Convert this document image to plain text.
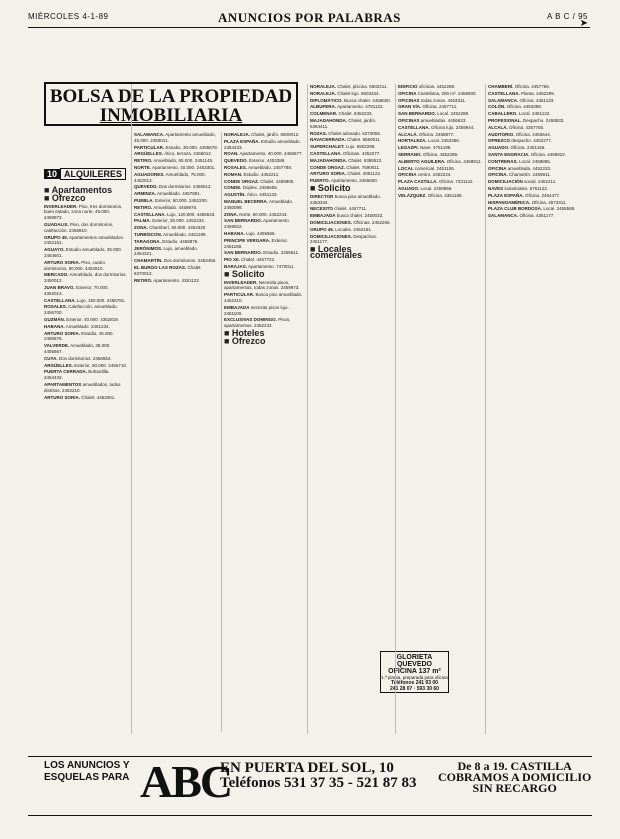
MIÉRCOLES 4-1-89	ANUNCIOS POR PALABRAS	A B C / 95
➤
BOLSA DE LA PROPIEDAD
INMOBILIARIA
10 ALQUILERES
■ Apartamentos
■ Ofrezco

INVERLEADER. Piso, tres dormitorios, buen estado, zona norte, 45.000. 2459973.

GUADALIX. Piso, dos dormitorios, calefacción. 2455810.

GRUPO 45. Apartamentos amueblados. 2452161.

AGUAYO. Estudio amueblado, 35.000. 2454601.

ARTURO SORIA. Piso, cuatro dormitorios, 80.000. 4452810.

MERCADO. Amueblado, dos dormitorios. 2450012.

JUAN BRAVO. Exterior, 70.000. 4352013.

CASTELLANA. Lujo, 150.000. 2456781.

ROSALES. Calefacción, amueblado. 2456700.

GUZMÁN. Exterior, 40.000. 4352819.

HABANA. Amueblado. 2451234.

ARTURO SORIA. Estudio, 45.000. 2455678.

VALVERDE. Amueblado, 38.000. 4455667.

CUYA. Dos dormitorios. 2456654.

ARGÜELLES. Exterior, 60.000. 2456710.

PUERTA CERRADA. Buhardilla. 2454433.

APARTAMENTOS amueblados, todos distritos. 2452210.

ARTURO SORIA. Chalet. 4452001.

SALAMANCA. Apartamento amueblado, 45.000. 2450011.

PARTICULAR. Estudio, 30.000. 4455678.

ARGÜELLES. Ático, terraza. 2456012.

RETIRO. Amueblado, 65.000. 2451145.

NORTE. Apartamento, 40.000. 2453301.

AGUADORES. Amueblado, 75.000. 4452013.

QUEVEDO. Dos dormitorios. 2456512.

ARMINZA. Amueblado. 4457891.

PUEBLA. Exterior, 50.000. 2452200.

RETIRO. Amueblado. 4459876.

CASTELLANA. Lujo, 120.000. 4456543.

PALMA. Exterior, 30.000. 2452234.

ZONA. Chamberí, 55.000. 4453320.

TURBÍSCON. Amueblado. 2451199.

TARAGONA. Estudio. 4458876.

JERÓNIMOS. Lujo, amueblado. 2454321.

CHAMARTÍN. Dos dormitorios. 2453456.

EL BURGO LAS ROZAS. Chalet. 6370012.

RETIRO. Apartamento. 4351122.

NORALEJA. Chalet, jardín. 6500012.

PLAZA ESPAÑA. Estudio amueblado. 2454433.

ROAN. Apartamento, 40.000. 4456677.

QUEVEDO. Exterior. 4453389.

ROSALES. Amueblado. 2457788.

ROMAN. Estudio. 4452211.

CONDE ORGAZ. Chalet. 4459900.

CONDE. Dúplex. 2456655.

AGUSTÍN. Ático. 4451133.

MANUEL BECERRA. Amueblado. 2450099.

ZONA. Norte, 60.000. 4452244.

SAN BERNARDO. Apartamento. 2459922.

HABANA. Lujo. 4455566.

PRINCIPE VERGARA. Exterior. 2451188.

SAN BERNARDO. Estudio. 2456611.

PIO XII. Chalet. 4457722.

BARAJAS. Apartamento. 7470011.

■ Solicito

INVERLEADER. Necesita pisos, apartamentos, todas zonas. 2459973.

PARTICULAR. Busca piso amueblado. 4452210.

EMBAJADA necesita pisos lujo. 2451100.

EXCLUSIVAS DOMINGO. Pisos, apartamentos. 2452233.

■ Hoteles
■ Ofrezco

NORALEJA. Chalet, piscina. 6502211.

NORALEJA. Chalet lujo. 6503344.

DIPLOMÁTICO. Busca chalet. 4456600.

ALBUFERA. Apartamento. 4781122.

COLMENAR. Chalet. 8452233.

MAJADAHONDA. Chalet, jardín. 6384411.

ROZAS. Chalet adosado. 6370055.

NAVACERRADA. Chalet. 8560011.

SUPERCHALET. Lujo. 6502288.

CASTELLANA. Oficinas. 4452277.

MAJADAHONDA. Chalet. 6385522.

CONDE ORGAZ. Chalet. 7590011.

ARTURO SORIA. Chalet. 4051122.

PUERTO. Apartamento. 2456600.

■ Solicito

DIRECTOR busca piso amueblado. 2453344.

NECESITO chalet. 4457711.

EMBAJADA busca chalet. 2450033.

DOMICILIACIONES. Oficinas. 2452266.

GRUPO 45. Locales. 2452161.

DOMICILIACIONES. Despachos. 2451177.

■ Locales comerciales
GLORIETA QUEVEDO
OFICINA 137 m²
1.ª planta, preparada para oficina
Teléfonos 241 93 00
241 28 07 · 593 30 60

EDIFICIO oficinas. 4452288.

OFICINA Castellana, 200 m². 2456600.

OFICINAS todas zonas. 4453311.

GRAN VÍA. Oficina. 2457711.

SAN BERNARDO. Local. 2452288.

OFICINAS amuebladas. 4456633.

CASTELLANA. Oficina lujo. 2459944.

ALCALÁ. Oficina. 2458877.

HORTALEZA. Local. 2453366.

LEGAZPI. Nave. 4751199.

SERRANO. Oficina. 4352288.

ALBERTO AGUILERA. Oficina. 4458811.

LOCAL comercial. 2451155.

OFICINA centro. 2452244.

PLAZA CASTILLA. Oficina. 7331122.

AGUADO. Local. 2459966.

VELÁZQUEZ. Oficina. 4351188.

CHAMBERÍ. Oficina. 4457766.

CASTELLANA. Planta. 2452299.

SALAMANCA. Oficina. 4351133.

COLÓN. Oficina. 4453388.

CABALLERO. Local. 2451122.

PROFESIONAL. Despacho. 2458833.

ALCALÁ. Oficina. 4357755.

AUDITORIO. Oficina. 2456644.

OFREZCO despacho. 4452277.

AGUADO. Oficina. 2451166.

SANTA ENGRACIA. Oficina. 4459922.

CONTRERAS. Local. 2458855.

OFICINA amueblada. 4452233.

OFICINA. Chamartín. 2459911.

DOMICILIACIÓN social. 2452211.

NAVES industriales. 6761122.

PLAZA ESPAÑA. Oficina. 2454477.

HISPANOAMÉRICA. Oficina. 4573311.

PLAZA CLUB BORDOSA. Local. 2455588.

SALAMANCA. Oficina. 4351177.

LOS ANUNCIOS Y
ESQUELAS PARA ABC
EN PUERTA DEL SOL, 10
Teléfonos 531 37 35 - 521 87 83
De 8 a 19. CASTILLA
COBRAMOS A DOMICILIO
SIN RECARGO
